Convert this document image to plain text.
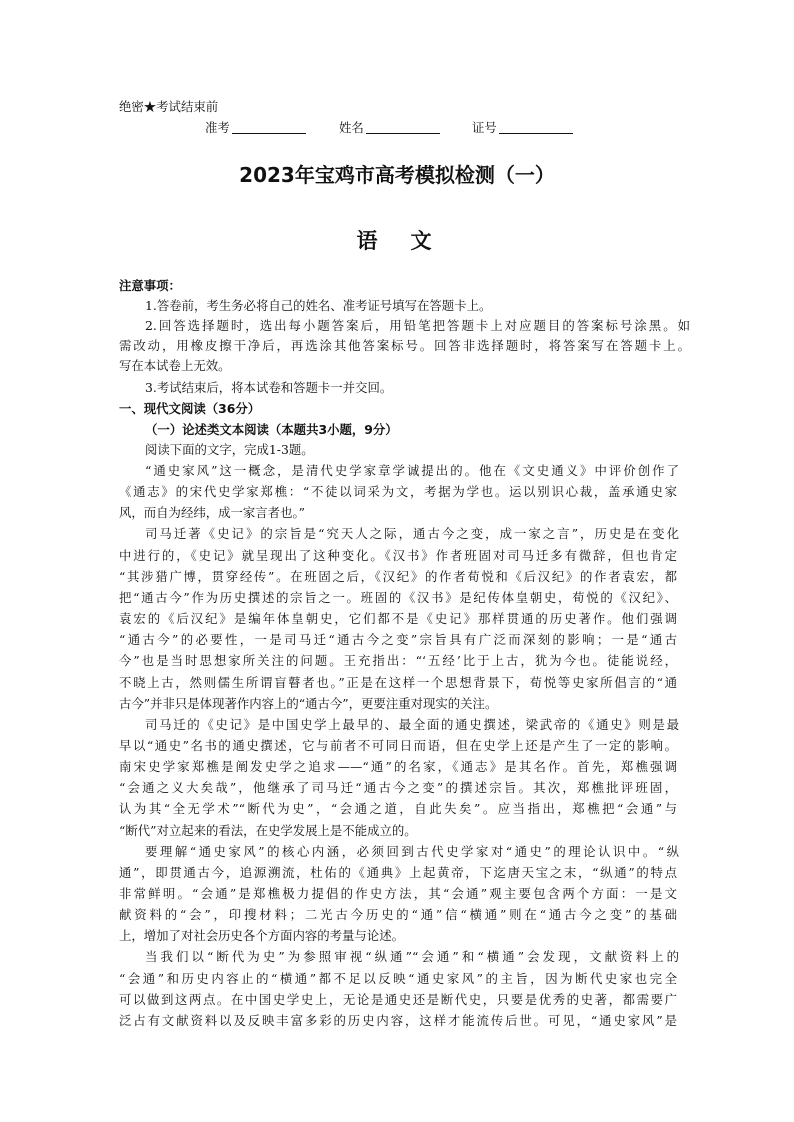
绝密★考试结束前
准考	姓名	证号
2023年宝鸡市高考模拟检测（一）
语　文
注意事项：
1.答卷前，考生务必将自己的姓名、准考证号填写在答题卡上。
2.回答选择题时，选出每小题答案后，用铅笔把答题卡上对应题目的答案标号涂黑。如
需改动，用橡皮擦干净后，再选涂其他答案标号。回答非选择题时，将答案写在答题卡上。
写在本试卷上无效。
3.考试结束后，将本试卷和答题卡一并交回。
一、现代文阅读（36分）
（一）论述类文本阅读（本题共3小题，9分）
阅读下面的文字，完成1-3题。
“通史家风”这一概念，是清代史学家章学诚提出的。他在《文史通义》中评价创作了
《通志》的宋代史学家郑樵：“不徒以词采为文，考据为学也。运以别识心裁，盖承通史家
风，而自为经纬，成一家言者也。”
司马迁著《史记》的宗旨是“究天人之际，通古今之变，成一家之言”，历史是在变化
中进行的，《史记》就呈现出了这种变化。《汉书》作者班固对司马迁多有微辞，但也肯定
“其涉猎广博，贯穿经传”。在班固之后，《汉纪》的作者荀悦和《后汉纪》的作者袁宏，都
把“通古今”作为历史撰述的宗旨之一。班固的《汉书》是纪传体皇朝史，荀悦的《汉纪》、
袁宏的《后汉纪》是编年体皇朝史，它们都不是《史记》那样贯通的历史著作。他们强调
“通古今”的必要性，一是司马迁“通古今之变”宗旨具有广泛而深刻的影响；一是“通古
今”也是当时思想家所关注的问题。王充指出：“‘五经’比于上古，犹为今也。徒能说经，
不晓上古，然则儒生所谓盲瞽者也。”正是在这样一个思想背景下，荀悦等史家所倡言的“通
古今”并非只是体现著作内容上的“通古今”，更要注重对现实的关注。
司马迁的《史记》是中国史学上最早的、最全面的通史撰述，梁武帝的《通史》则是最
早以“通史”名书的通史撰述，它与前者不可同日而语，但在史学上还是产生了一定的影响。
南宋史学家郑樵是阐发史学之追求——“通”的名家，《通志》是其名作。首先，郑樵强调
“会通之义大矣哉”，他继承了司马迁“通古今之变”的撰述宗旨。其次，郑樵批评班固，
认为其“全无学术”“断代为史”，“会通之道，自此失矣”。应当指出，郑樵把“会通”与
“断代”对立起来的看法，在史学发展上是不能成立的。
要理解“通史家风”的核心内涵，必须回到古代史学家对“通史”的理论认识中。“纵
通”，即贯通古今，追源溯流，杜佑的《通典》上起黄帝，下迄唐天宝之末，“纵通”的特点
非常鲜明。“会通”是郑樵极力提倡的作史方法，其“会通”观主要包含两个方面：一是文
献资料的“会”，印搜材料；二光古今历史的“通”信“横通”则在“通古今之变”的基础
上，增加了对社会历史各个方面内容的考量与论述。
当我们以“断代为史”为参照审视“纵通”“会通”和“横通”会发现，文献资料上的
“会通”和历史内容止的“横通”都不足以反映“通史家风”的主旨，因为断代史家也完全
可以做到这两点。在中国史学史上，无论是通史还是断代史，只要是优秀的史著，都需要广
泛占有文献资料以及反映丰富多彩的历史内容，这样才能流传后世。可见，“通史家风”是
